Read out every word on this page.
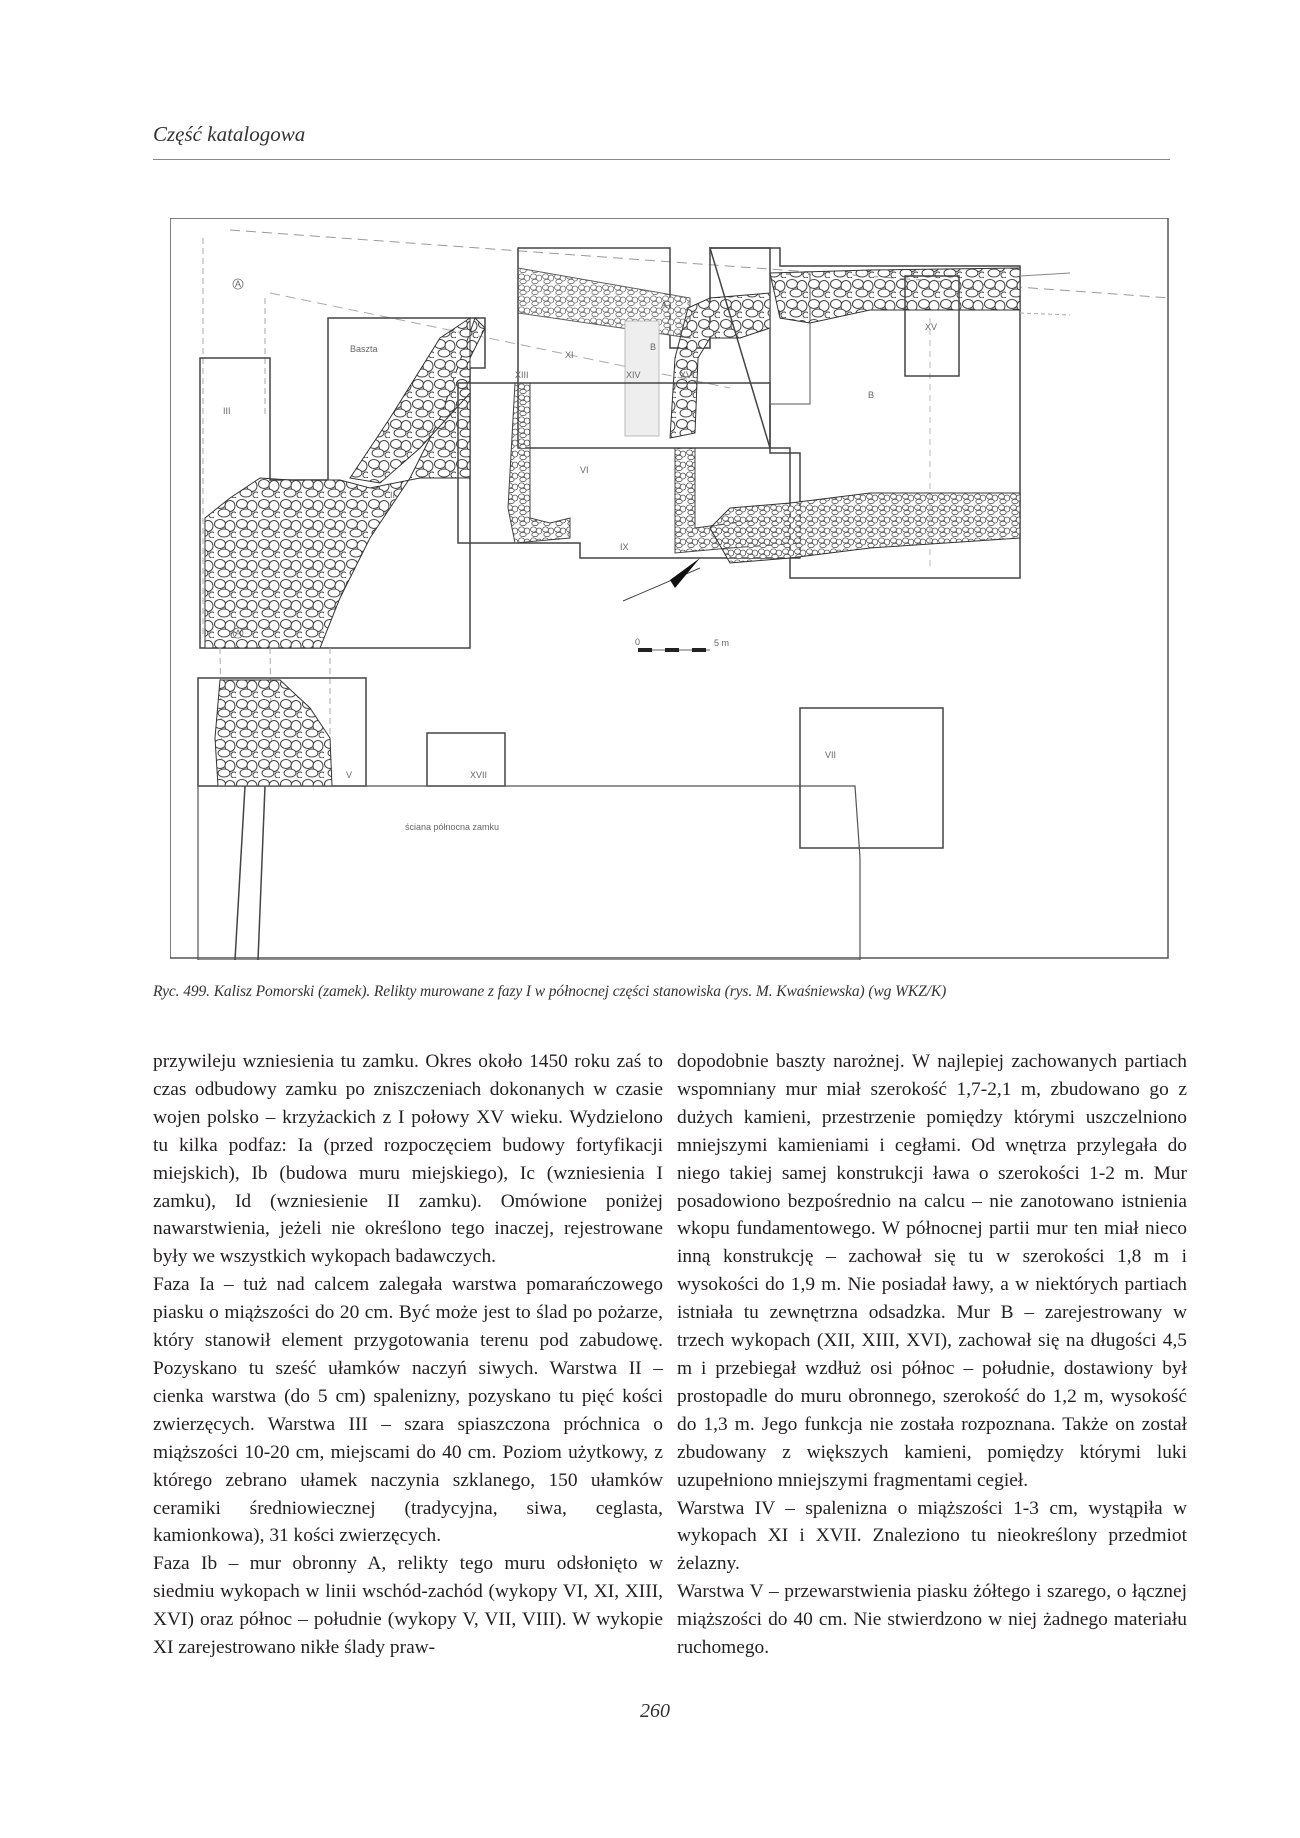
Część katalogowa
A
Baszta
III
II
XI
B
A
XIII	XIV	XVI
VI
IX
B
XV
0	5 m
A
V	XVII
VII
ściana północna zamku
Ryc. 499. Kalisz Pomorski (zamek). Relikty murowane z fazy I w północnej części stanowiska (rys. M. Kwaśniewska) (wg WKZ/K)

przywileju wzniesienia tu zamku. Okres około 1450 roku zaś to czas odbudowy zamku po zniszczeniach dokonanych w czasie wojen polsko – krzyżackich z I połowy XV wieku. Wydzielono tu kilka podfaz: Ia (przed rozpoczęciem budowy fortyfikacji miejskich), Ib (budowa muru miejskiego), Ic (wzniesienia I zamku), Id (wzniesienie II zamku). Omówione poniżej nawarstwienia, jeżeli nie określono tego inaczej, rejestrowane były we wszystkich wykopach badawczych.

Faza Ia – tuż nad calcem zalegała warstwa pomarańczowego piasku o miąższości do 20 cm. Być może jest to ślad po pożarze, który stanowił element przygotowania terenu pod zabudowę. Pozyskano tu sześć ułamków naczyń siwych. Warstwa II – cienka warstwa (do 5 cm) spalenizny, pozyskano tu pięć kości zwierzęcych. Warstwa III – szara spiaszczona próchnica o miąższości 10-20 cm, miejscami do 40 cm. Poziom użytkowy, z którego zebrano ułamek naczynia szklanego, 150 ułamków ceramiki średniowiecznej (tradycyjna, siwa, ceglasta, kamionkowa), 31 kości zwierzęcych.

Faza Ib – mur obronny A, relikty tego muru odsłonięto w siedmiu wykopach w linii wschód-zachód (wykopy VI, XI, XIII, XVI) oraz północ – południe (wykopy V, VII, VIII). W wykopie XI zarejestrowano nikłe ślady praw-

dopodobnie baszty narożnej. W najlepiej zachowanych partiach wspomniany mur miał szerokość 1,7-2,1 m, zbudowano go z dużych kamieni, przestrzenie pomiędzy którymi uszczelniono mniejszymi kamieniami i cegłami. Od wnętrza przylegała do niego takiej samej konstrukcji ława o szerokości 1-2 m. Mur posadowiono bezpośrednio na calcu – nie zanotowano istnienia wkopu fundamentowego. W północnej partii mur ten miał nieco inną konstrukcję – zachował się tu w szerokości 1,8 m i wysokości do 1,9 m. Nie posiadał ławy, a w niektórych partiach istniała tu zewnętrzna odsadzka. Mur B – zarejestrowany w trzech wykopach (XII, XIII, XVI), zachował się na długości 4,5 m i przebiegał wzdłuż osi północ – południe, dostawiony był prostopadle do muru obronnego, szerokość do 1,2 m, wysokość do 1,3 m. Jego funkcja nie została rozpoznana. Także on został zbudowany z większych kamieni, pomiędzy którymi luki uzupełniono mniejszymi fragmentami cegieł.

Warstwa IV – spalenizna o miąższości 1-3 cm, wystąpiła w wykopach XI i XVII. Znaleziono tu nieokreślony przedmiot żelazny.

Warstwa V – przewarstwienia piasku żółtego i szarego, o łącznej miąższości do 40 cm. Nie stwierdzono w niej żadnego materiału ruchomego.

260
